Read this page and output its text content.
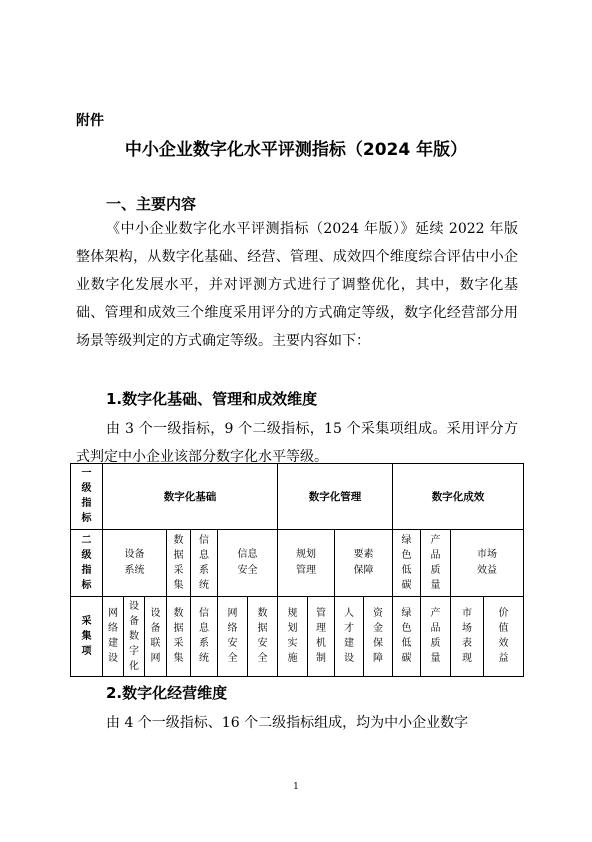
附件
中小企业数字化水平评测指标（2024 年版）
一、主要内容

《中小企业数字化水平评测指标（2024 年版）》延续 2022 年版整体架构，从数字化基础、经营、管理、成效四个维度综合评估中小企业数字化发展水平，并对评测方式进行了调整优化，其中，数字化基础、管理和成效三个维度采用评分的方式确定等级，数字化经营部分用场景等级判定的方式确定等级。主要内容如下：

1.数字化基础、管理和成效维度

由 3 个一级指标，9 个二级指标，15 个采集项组成。采用评分方式判定中小企业该部分数字化水平等级。

一级指标	数字化基础							数字化管理				数字化成效			
二级指标	设备系统			数据采集	信息系统	信息安全		规划管理		要素保障		绿色低碳	产品质量	市场效益	
采集项	网络建设	设备数字化	设备联网	数据采集	信息系统	网络安全	数据安全	规划实施	管理机制	人才建设	资金保障	绿色低碳	产品质量	市场表现	价值效益
2.数字化经营维度

由 4 个一级指标、16 个二级指标组成，均为中小企业数字

1
